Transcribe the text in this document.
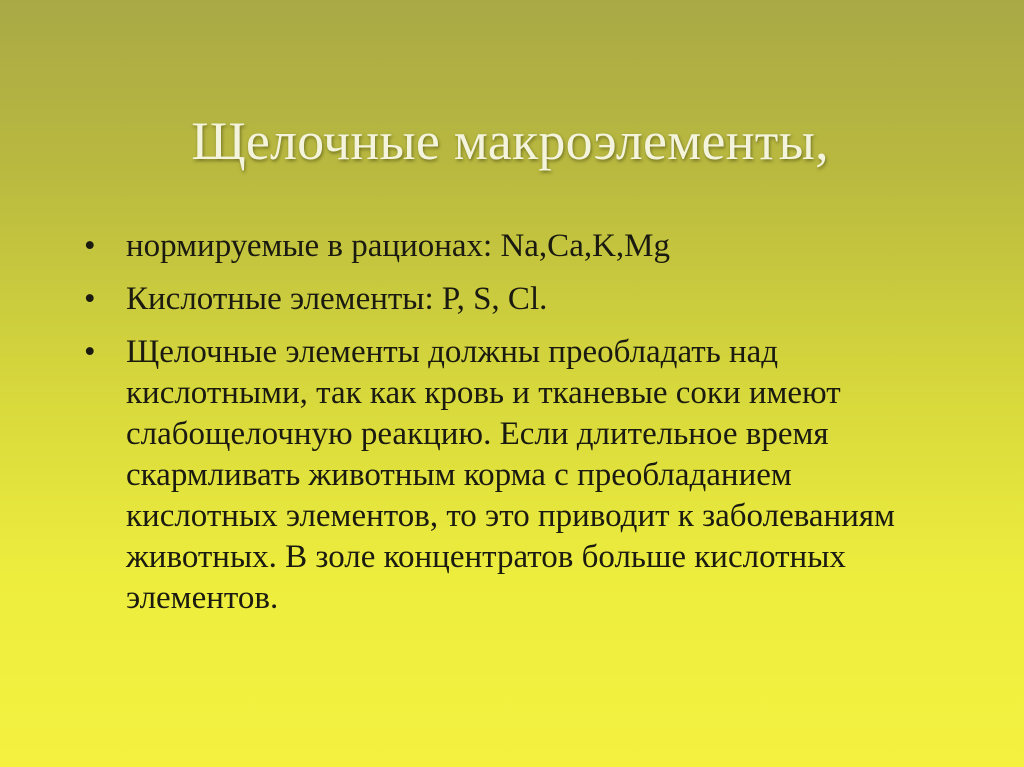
Щелочные макроэлементы,
• нормируемые в рационах: Na,Ca,K,Mg
• Кислотные элементы: P, S, Cl.
• Щелочные элементы должны преобладать над кислотными, так как кровь и тканевые соки имеют слабощелочную реакцию. Если длительное время скармливать животным корма с преобладанием кислотных элементов, то это приводит к заболеваниям животных. В золе концентратов больше кислотных элементов.
